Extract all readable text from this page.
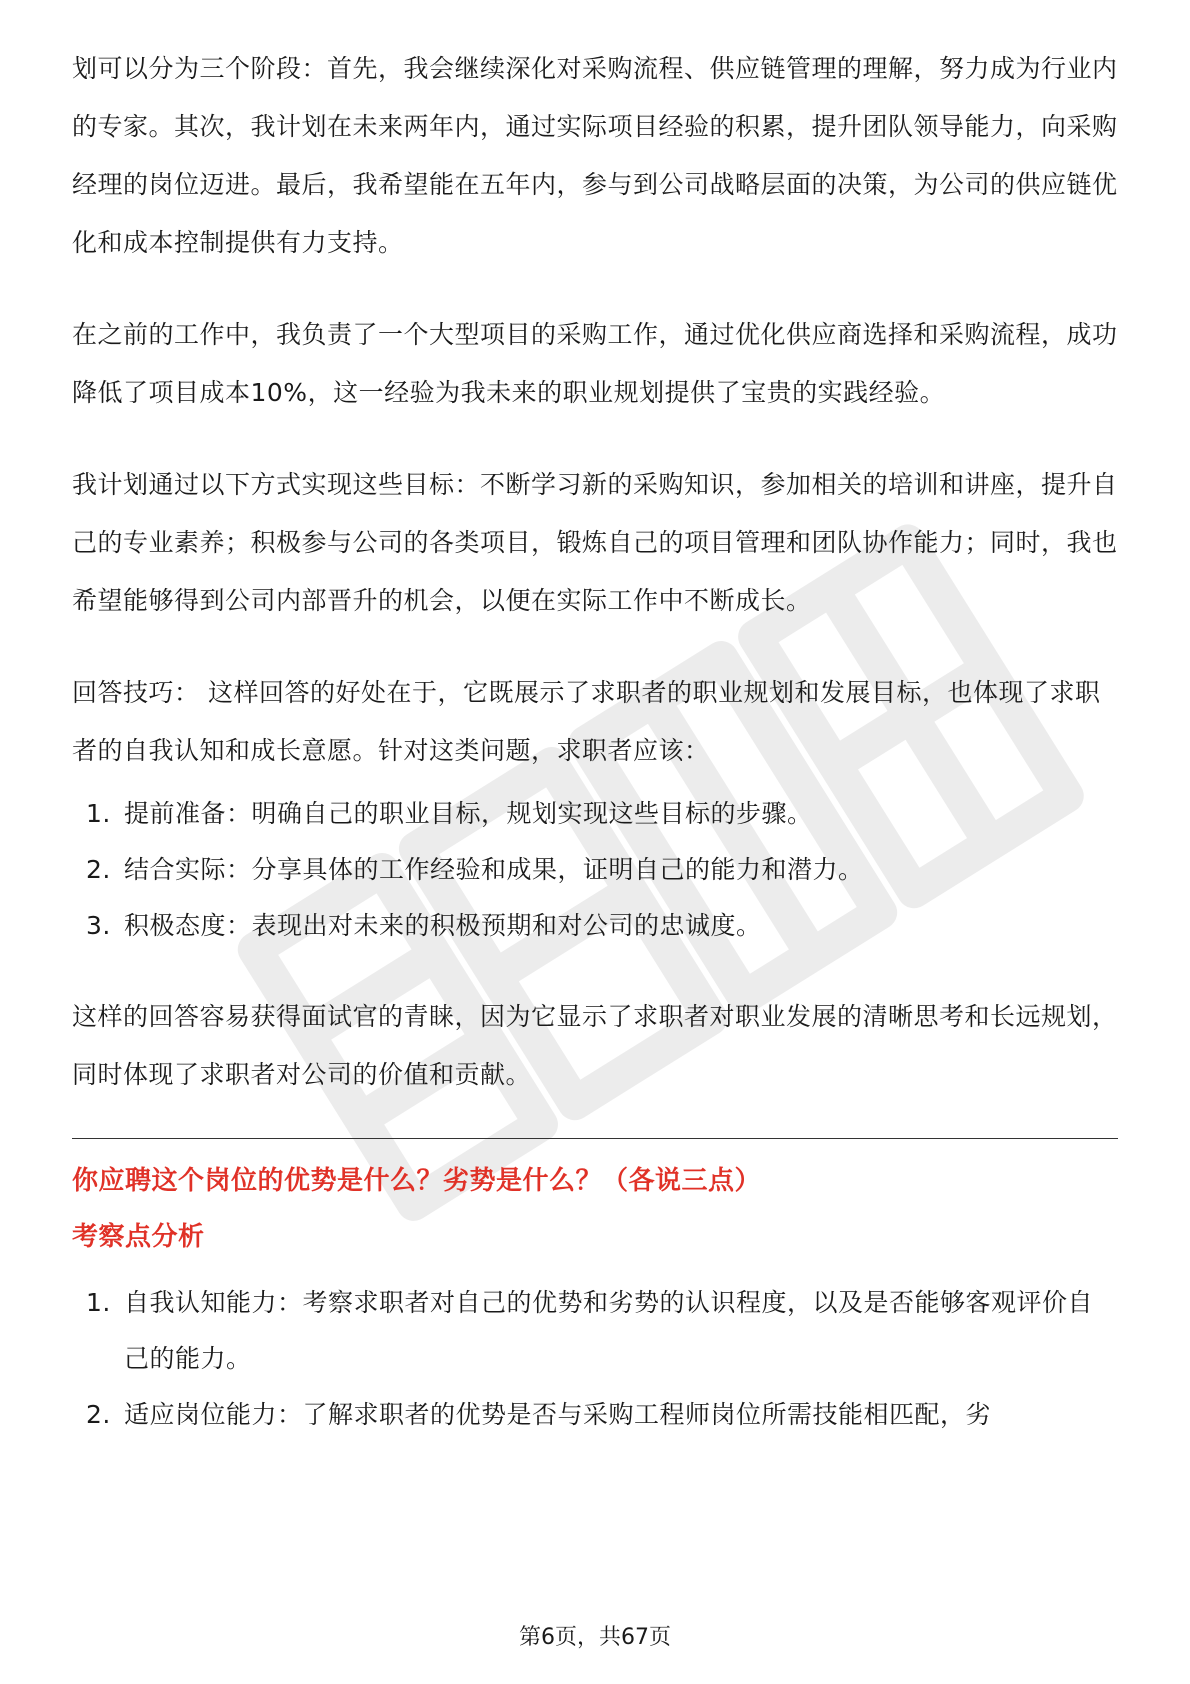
划可以分为三个阶段：首先，我会继续深化对采购流程、供应链管理的理解，努力成为行业内的专家。其次，我计划在未来两年内，通过实际项目经验的积累，提升团队领导能力，向采购经理的岗位迈进。最后，我希望能在五年内，参与到公司战略层面的决策，为公司的供应链优化和成本控制提供有力支持。

在之前的工作中，我负责了一个大型项目的采购工作，通过优化供应商选择和采购流程，成功降低了项目成本10%，这一经验为我未来的职业规划提供了宝贵的实践经验。

我计划通过以下方式实现这些目标：不断学习新的采购知识，参加相关的培训和讲座，提升自己的专业素养；积极参与公司的各类项目，锻炼自己的项目管理和团队协作能力；同时，我也希望能够得到公司内部晋升的机会，以便在实际工作中不断成长。

回答技巧： 这样回答的好处在于，它既展示了求职者的职业规划和发展目标，也体现了求职者的自我认知和成长意愿。针对这类问题，求职者应该：

1. 提前准备：明确自己的职业目标，规划实现这些目标的步骤。
2. 结合实际：分享具体的工作经验和成果，证明自己的能力和潜力。
3. 积极态度：表现出对未来的积极预期和对公司的忠诚度。

这样的回答容易获得面试官的青睐，因为它显示了求职者对职业发展的清晰思考和长远规划，同时体现了求职者对公司的价值和贡献。

你应聘这个岗位的优势是什么？劣势是什么？（各说三点）
考察点分析
1. 自我认知能力：考察求职者对自己的优势和劣势的认识程度，以及是否能够客观评价自己的能力。
2. 适应岗位能力：了解求职者的优势是否与采购工程师岗位所需技能相匹配，劣
第6页，共67页
